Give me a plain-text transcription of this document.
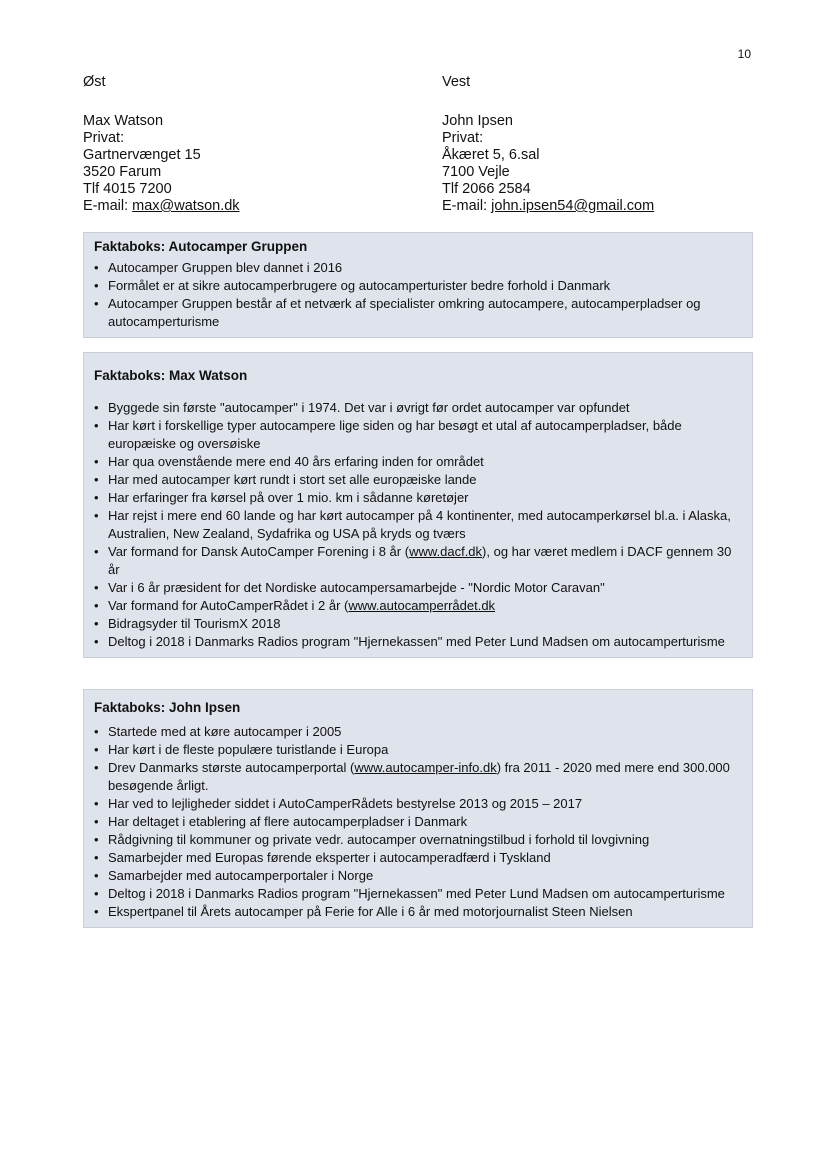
10
Øst
Max Watson
Privat:
Gartnervænget 15
3520 Farum
Tlf 4015 7200
E-mail: max@watson.dk
Vest
John Ipsen
Privat:
Åkæret 5, 6.sal
7100 Vejle
Tlf 2066 2584
E-mail: john.ipsen54@gmail.com
Faktaboks: Autocamper Gruppen
• Autocamper Gruppen blev dannet i 2016
• Formålet er at sikre autocamperbrugere og autocamperturister bedre forhold i Danmark
• Autocamper Gruppen består af et netværk af specialister omkring autocampere, autocamperpladser og autocamperturisme
Faktaboks: Max Watson
• Byggede sin første "autocamper" i 1974. Det var i øvrigt før ordet autocamper var opfundet
• Har kørt i forskellige typer autocampere lige siden og har besøgt et utal af autocamperpladser, både europæiske og oversøiske
• Har qua ovenstående mere end 40 års erfaring inden for området
• Har med autocamper kørt rundt i stort set alle europæiske lande
• Har erfaringer fra kørsel på over 1 mio. km i sådanne køretøjer
• Har rejst i mere end 60 lande og har kørt autocamper på 4 kontinenter, med autocamperkørsel bl.a. i Alaska, Australien, New Zealand, Sydafrika og USA på kryds og tværs
• Var formand for Dansk AutoCamper Forening i 8 år (www.dacf.dk), og har været medlem i DACF gennem 30 år
• Var i 6 år præsident for det Nordiske autocampersamarbejde - "Nordic Motor Caravan"
• Var formand for AutoCamperRådet i 2 år (www.autocamperrådet.dk
• Bidragsyder til TourismX 2018
• Deltog i 2018 i Danmarks Radios program "Hjernekassen" med Peter Lund Madsen om autocamperturisme
Faktaboks: John Ipsen
• Startede med at køre autocamper i 2005
• Har kørt i de fleste populære turistlande i Europa
• Drev Danmarks største autocamperportal (www.autocamper-info.dk) fra 2011 - 2020 med mere end 300.000 besøgende årligt.
• Har ved to lejligheder siddet i AutoCamperRådets bestyrelse 2013 og 2015 – 2017
• Har deltaget i etablering af flere autocamperpladser i Danmark
• Rådgivning til kommuner og private vedr. autocamper overnatningstilbud i forhold til lovgivning
• Samarbejder med Europas førende eksperter i autocamperadfærd i Tyskland
• Samarbejder med autocamperportaler i Norge
• Deltog i 2018 i Danmarks Radios program "Hjernekassen" med Peter Lund Madsen om autocamperturisme
• Ekspertpanel til Årets autocamper på Ferie for Alle i 6 år med motorjournalist Steen Nielsen
